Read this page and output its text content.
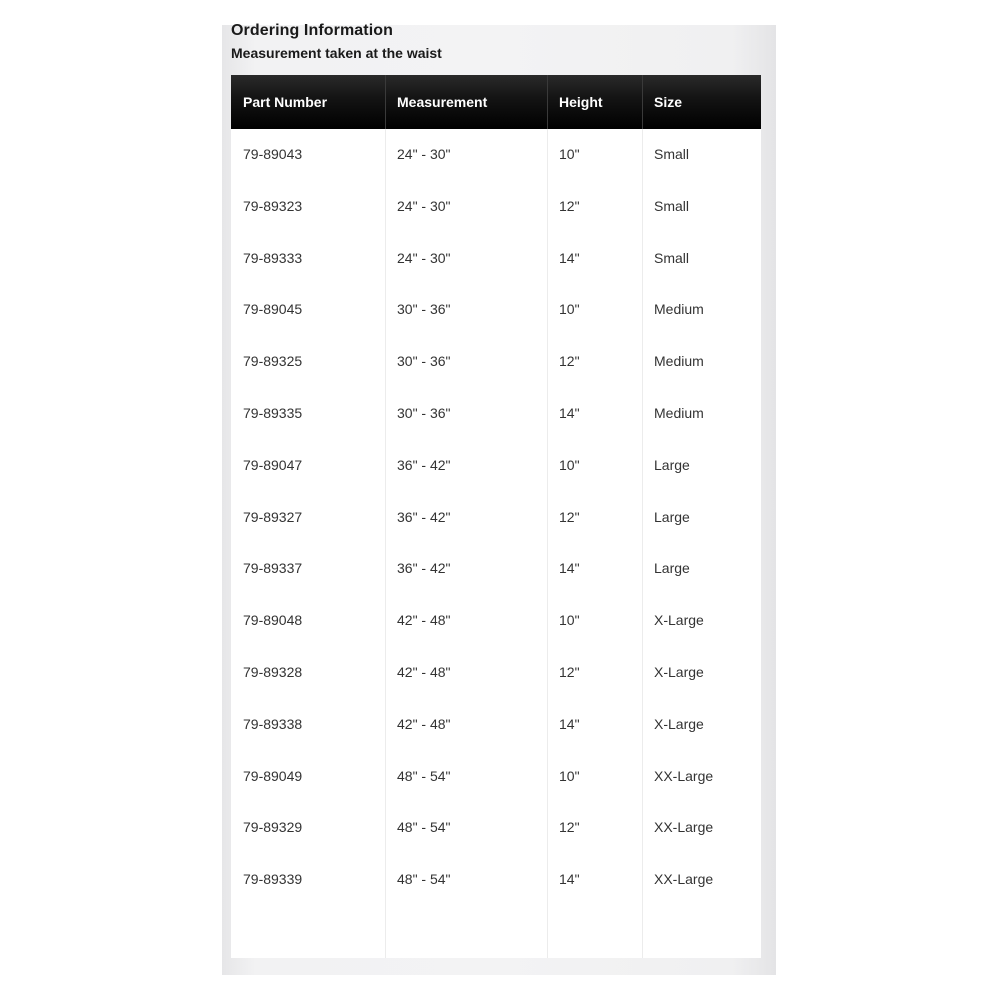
Ordering Information
Measurement taken at the waist
Part Number	Measurement	Height	Size
79-89043	24" - 30"	10"	Small
79-89323	24" - 30"	12"	Small
79-89333	24" - 30"	14"	Small
79-89045	30" - 36"	10"	Medium
79-89325	30" - 36"	12"	Medium
79-89335	30" - 36"	14"	Medium
79-89047	36" - 42"	10"	Large
79-89327	36" - 42"	12"	Large
79-89337	36" - 42"	14"	Large
79-89048	42" - 48"	10"	X-Large
79-89328	42" - 48"	12"	X-Large
79-89338	42" - 48"	14"	X-Large
79-89049	48" - 54"	10"	XX-Large
79-89329	48" - 54"	12"	XX-Large
79-89339	48" - 54"	14"	XX-Large
